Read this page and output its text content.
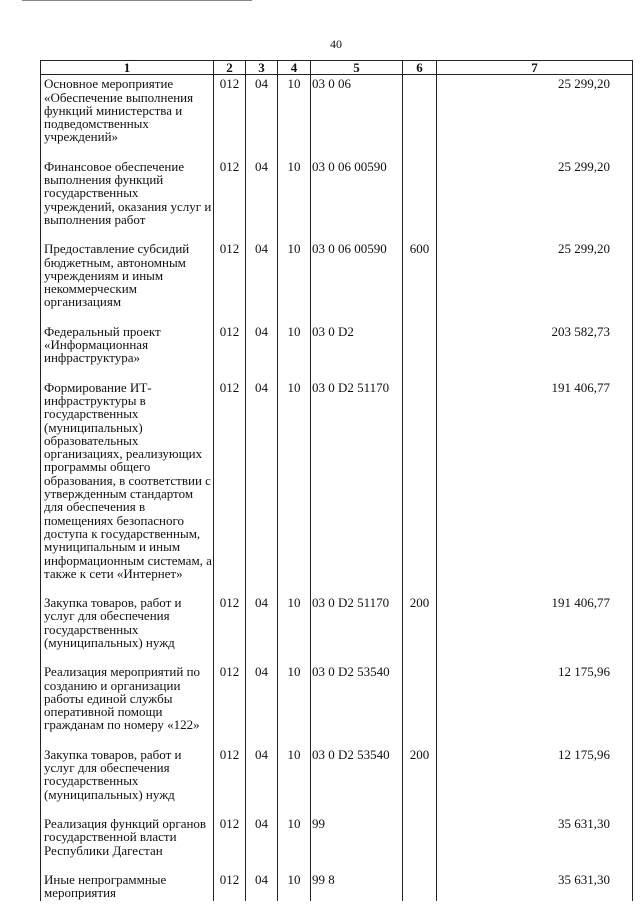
40
1	2	3	4	5	6	7
Основное мероприятие «Обеспечение выполнения функций министерства и подведомственных учреждений»	012	04	10	03 0 06		25 299,20
Финансовое обеспечение выполнения функций государственных учреждений, оказания услуг и выполнения работ	012	04	10	03 0 06 00590		25 299,20
Предоставление субсидий бюджетным, автономным учреждениям и иным некоммерческим организациям	012	04	10	03 0 06 00590	600	25 299,20
Федеральный проект «Информационная инфраструктура»	012	04	10	03 0 D2		203 582,73
Формирование ИТ-инфраструктуры в государственных (муниципальных) образовательных организациях, реализующих программы общего образования, в соответствии с утвержденным стандартом для обеспечения в помещениях безопасного доступа к государственным, муниципальным и иным информационным системам, а также к сети «Интернет»	012	04	10	03 0 D2 51170		191 406,77
Закупка товаров, работ и услуг для обеспечения государственных (муниципальных) нужд	012	04	10	03 0 D2 51170	200	191 406,77
Реализация мероприятий по созданию и организации работы единой службы оперативной помощи гражданам по номеру «122»	012	04	10	03 0 D2 53540		12 175,96
Закупка товаров, работ и услуг для обеспечения государственных (муниципальных) нужд	012	04	10	03 0 D2 53540	200	12 175,96
Реализация функций органов государственной власти Республики Дагестан	012	04	10	99		35 631,30
Иные непрограммные мероприятия	012	04	10	99 8		35 631,30
